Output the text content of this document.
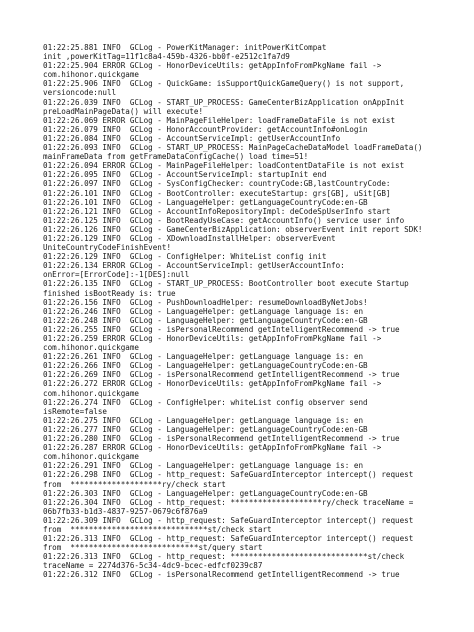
01:22:25.881 INFO  GCLog - PowerKitManager: initPowerKitCompat
init ,powerKitTag=11f1c8a4-459b-4326-bb0f-e2512c1fa7d9
01:22:25.904 ERROR GCLog - HonorDeviceUtils: getAppInfoFromPkgName fail ->
com.hihonor.quickgame
01:22:25.906 INFO  GCLog - QuickGame: isSupportQuickGameQuery() is not support,
versioncode:null
01:22:26.039 INFO  GCLog - START_UP_PROCESS: GameCenterBizApplication onAppInit
preLoadMainPageData() will execute!
01:22:26.069 ERROR GCLog - MainPageFileHelper: loadFrameDataFile is not exist
01:22:26.079 INFO  GCLog - HonorAccountProvider: getAccountInfo#onLogin
01:22:26.084 INFO  GCLog - AccountServiceImpl: getUserAccountInfo
01:22:26.093 INFO  GCLog - START_UP_PROCESS: MainPageCacheDataModel loadFrameData()
mainFrameData from getFrameDataConfigCache() load time=51!
01:22:26.094 ERROR GCLog - MainPageFileHelper: loadContentDataFile is not exist
01:22:26.095 INFO  GCLog - AccountServiceImpl: startupInit end
01:22:26.097 INFO  GCLog - SysConfigChecker: countryCode:GB,lastCountryCode:
01:22:26.101 INFO  GCLog - BootController: executeStartup: grs[GB], uSit[GB]
01:22:26.101 INFO  GCLog - LanguageHelper: getLanguageCountryCode:en-GB
01:22:26.121 INFO  GCLog - AccountInfoRepositoryImpl: deCodeSpUserInfo start
01:22:26.125 INFO  GCLog - BootReadyUseCase: getAccountInfo() service user info
01:22:26.126 INFO  GCLog - GameCenterBizApplication: observerEvent init report SDK!
01:22:26.129 INFO  GCLog - XDownloadInstallHelper: observerEvent
UniteCountryCodeFinishEvent!
01:22:26.129 INFO  GCLog - ConfigHelper: WhiteList config init
01:22:26.134 ERROR GCLog - AccountServiceImpl: getUserAccountInfo:
onError=[ErrorCode]:-1[DES]:null
01:22:26.135 INFO  GCLog - START_UP_PROCESS: BootController boot execute Startup
finished isBootReady is: true
01:22:26.156 INFO  GCLog - PushDownloadHelper: resumeDownloadByNetJobs!
01:22:26.246 INFO  GCLog - LanguageHelper: getLanguage language is: en
01:22:26.248 INFO  GCLog - LanguageHelper: getLanguageCountryCode:en-GB
01:22:26.255 INFO  GCLog - isPersonalRecommend getIntelligentRecommend -> true
01:22:26.259 ERROR GCLog - HonorDeviceUtils: getAppInfoFromPkgName fail ->
com.hihonor.quickgame
01:22:26.261 INFO  GCLog - LanguageHelper: getLanguage language is: en
01:22:26.266 INFO  GCLog - LanguageHelper: getLanguageCountryCode:en-GB
01:22:26.269 INFO  GCLog - isPersonalRecommend getIntelligentRecommend -> true
01:22:26.272 ERROR GCLog - HonorDeviceUtils: getAppInfoFromPkgName fail ->
com.hihonor.quickgame
01:22:26.274 INFO  GCLog - ConfigHelper: whiteList config observer send
isRemote=false
01:22:26.275 INFO  GCLog - LanguageHelper: getLanguage language is: en
01:22:26.277 INFO  GCLog - LanguageHelper: getLanguageCountryCode:en-GB
01:22:26.280 INFO  GCLog - isPersonalRecommend getIntelligentRecommend -> true
01:22:26.287 ERROR GCLog - HonorDeviceUtils: getAppInfoFromPkgName fail ->
com.hihonor.quickgame
01:22:26.291 INFO  GCLog - LanguageHelper: getLanguage language is: en
01:22:26.298 INFO  GCLog - http_request: SafeGuardInterceptor intercept() request
from  ********************ry/check start
01:22:26.303 INFO  GCLog - LanguageHelper: getLanguageCountryCode:en-GB
01:22:26.304 INFO  GCLog - http_request: ********************ry/check traceName =
06b7fb33-b1d3-4837-9257-0679c6f876a9
01:22:26.309 INFO  GCLog - http_request: SafeGuardInterceptor intercept() request
from  ******************************st/check start
01:22:26.313 INFO  GCLog - http_request: SafeGuardInterceptor intercept() request
from  ****************************st/query start
01:22:26.313 INFO  GCLog - http_request: ******************************st/check
traceName = 2274d376-5c34-4dc9-bcec-edfcf0239c87
01:22:26.312 INFO  GCLog - isPersonalRecommend getIntelligentRecommend -> true
